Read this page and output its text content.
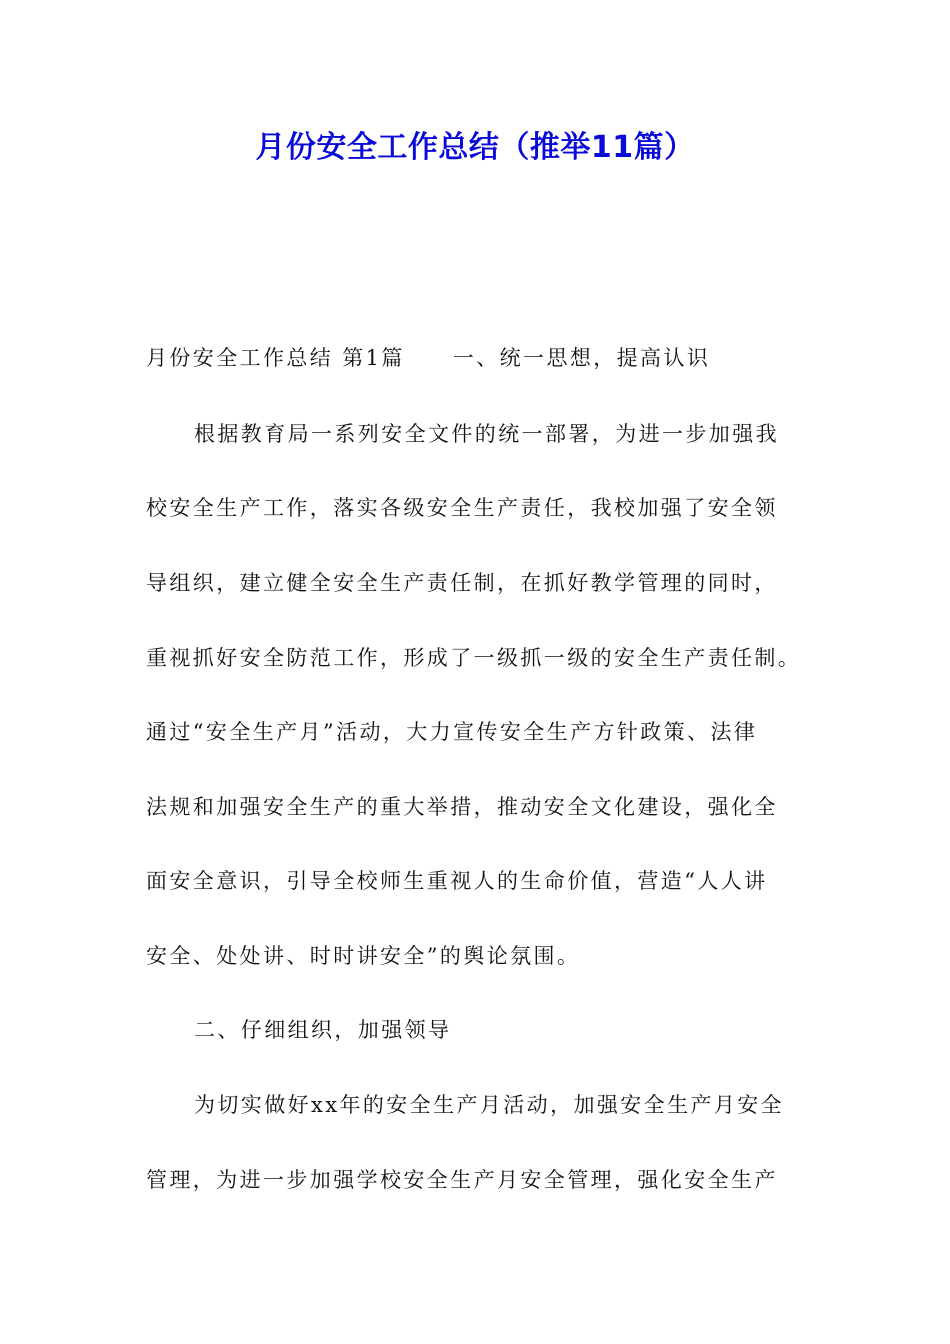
月份安全工作总结（推举11篇）
月份安全工作总结 第1篇 一、统一思想，提高认识
根据教育局一系列安全文件的统一部署，为进一步加强我
校安全生产工作，落实各级安全生产责任，我校加强了安全领
导组织，建立健全安全生产责任制，在抓好教学管理的同时，
重视抓好安全防范工作，形成了一级抓一级的安全生产责任制。
通过“安全生产月”活动，大力宣传安全生产方针政策、法律
法规和加强安全生产的重大举措，推动安全文化建设，强化全
面安全意识，引导全校师生重视人的生命价值，营造“人人讲
安全、处处讲、时时讲安全”的舆论氛围。
二、仔细组织，加强领导
为切实做好xx年的安全生产月活动，加强安全生产月安全
管理，为进一步加强学校安全生产月安全管理，强化安全生产
